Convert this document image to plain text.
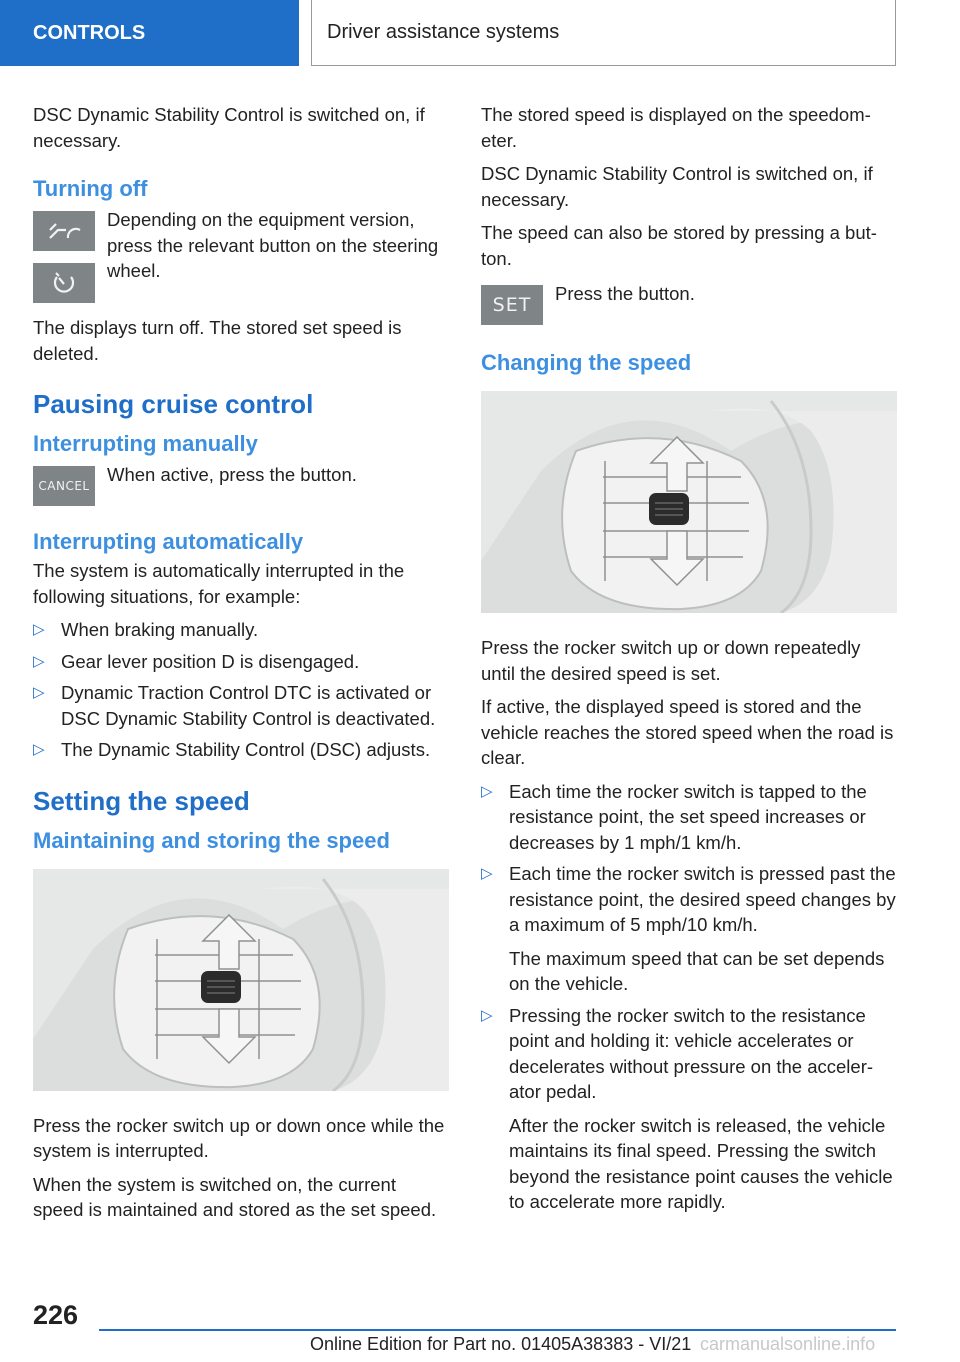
CONTROLS	Driver assistance systems

DSC Dynamic Stability Control is switched on, if necessary.

Turning off

Depending on the equipment version, press the relevant button on the steering wheel.

The displays turn off. The stored set speed is deleted.

Pausing cruise control
Interrupting manually
CANCEL

When active, press the button.

Interrupting automatically

The system is automatically interrupted in the following situations, for example:

▷ When braking manually.
▷ Gear lever position D is disengaged.
▷ Dynamic Traction Control DTC is activated or DSC Dynamic Stability Control is deactivated.
▷ The Dynamic Stability Control (DSC) adjusts.
Setting the speed
Maintaining and storing the speed

Press the rocker switch up or down once while the system is interrupted.

When the system is switched on, the current speed is maintained and stored as the set speed.

The stored speed is displayed on the speedometer.

DSC Dynamic Stability Control is switched on, if necessary.

The speed can also be stored by pressing a button.

SET

Press the button.

Changing the speed

Press the rocker switch up or down repeatedly until the desired speed is set.

If active, the displayed speed is stored and the vehicle reaches the stored speed when the road is clear.

▷ Each time the rocker switch is tapped to the resistance point, the set speed increases or decreases by 1 mph/1 km/h.
▷ Each time the rocker switch is pressed past the resistance point, the desired speed changes by a maximum of 5 mph/10 km/h.
The maximum speed that can be set depends on the vehicle.
▷ Pressing the rocker switch to the resistance point and holding it: vehicle accelerates or decelerates without pressure on the accelerator pedal.
After the rocker switch is released, the vehicle maintains its final speed. Pressing the switch beyond the resistance point causes the vehicle to accelerate more rapidly.
226
Online Edition for Part no. 01405A38383 - VI/21 carmanualsonline.info
